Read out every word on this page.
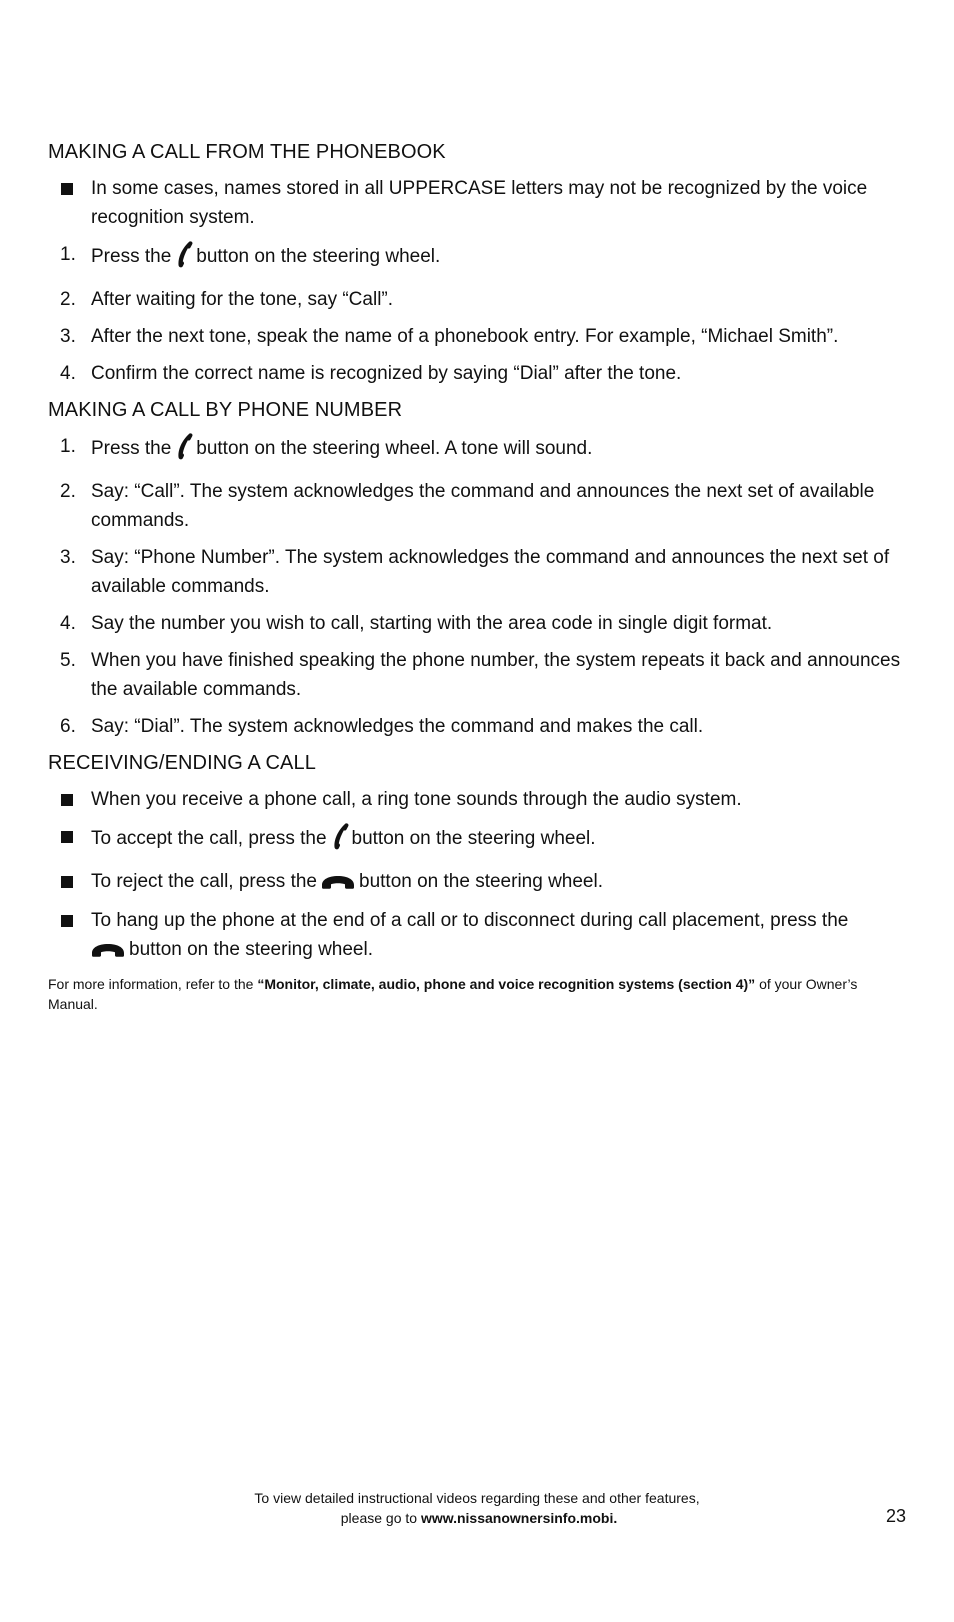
MAKING A CALL FROM THE PHONEBOOK
In some cases, names stored in all UPPERCASE letters may not be recognized by the voice recognition system.
1. Press the button on the steering wheel.
2. After waiting for the tone, say “Call”.
3. After the next tone, speak the name of a phonebook entry. For example, “Michael Smith”.
4. Confirm the correct name is recognized by saying “Dial” after the tone.
MAKING A CALL BY PHONE NUMBER
1. Press the button on the steering wheel. A tone will sound.
2. Say: “Call”. The system acknowledges the command and announces the next set of available commands.
3. Say: “Phone Number”. The system acknowledges the command and announces the next set of available commands.
4. Say the number you wish to call, starting with the area code in single digit format.
5. When you have finished speaking the phone number, the system repeats it back and announces the available commands.
6. Say: “Dial”. The system acknowledges the command and makes the call.
RECEIVING/ENDING A CALL
When you receive a phone call, a ring tone sounds through the audio system.
To accept the call, press the button on the steering wheel.
To reject the call, press the button on the steering wheel.
To hang up the phone at the end of a call or to disconnect during call placement, press the
button on the steering wheel.
For more information, refer to the “Monitor, climate, audio, phone and voice recognition systems (section 4)” of your Owner’s Manual.
To view detailed instructional videos regarding these and other features,
please go to www.nissanownersinfo.mobi.	23
